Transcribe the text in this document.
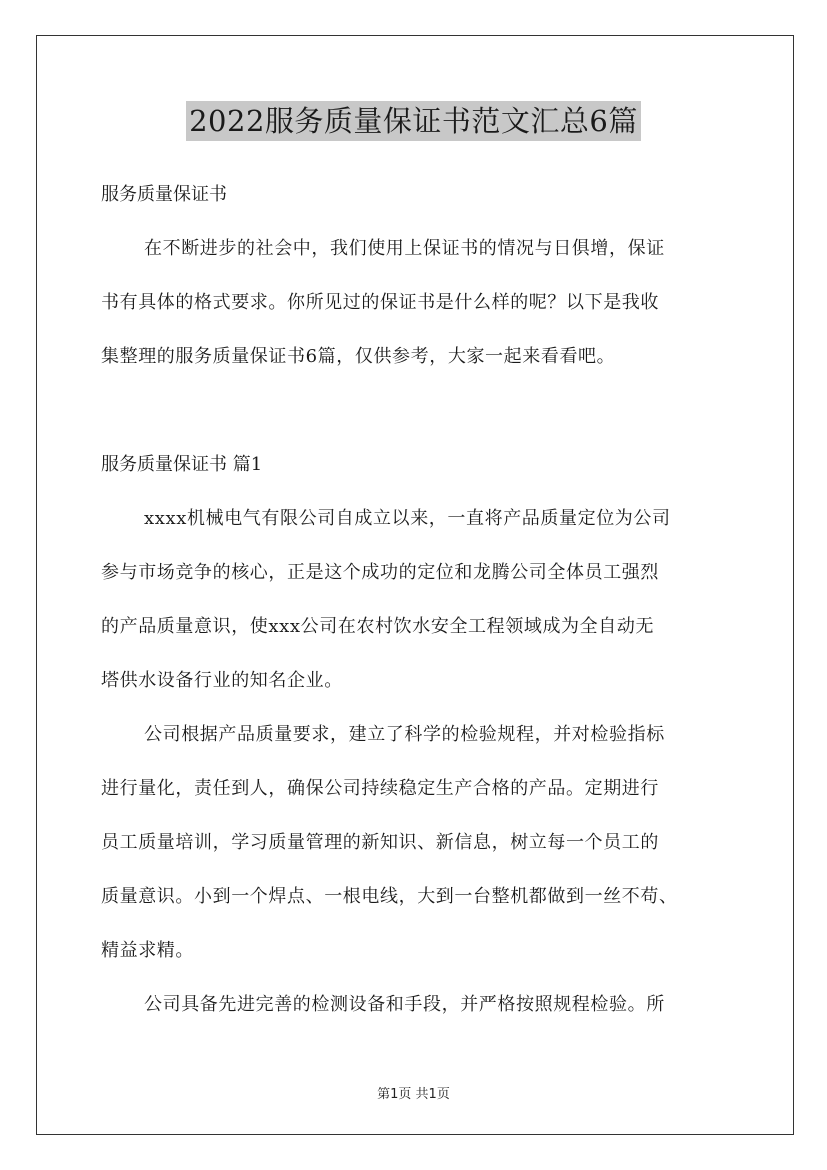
2022服务质量保证书范文汇总6篇
服务质量保证书

在不断进步的社会中，我们使用上保证书的情况与日俱增，保证

书有具体的格式要求。你所见过的保证书是什么样的呢？以下是我收

集整理的服务质量保证书6篇，仅供参考，大家一起来看看吧。

服务质量保证书 篇1

xxxx机械电气有限公司自成立以来，一直将产品质量定位为公司

参与市场竞争的核心，正是这个成功的定位和龙腾公司全体员工强烈

的产品质量意识，使xxx公司在农村饮水安全工程领域成为全自动无

塔供水设备行业的知名企业。

公司根据产品质量要求，建立了科学的检验规程，并对检验指标

进行量化，责任到人，确保公司持续稳定生产合格的产品。定期进行

员工质量培训，学习质量管理的新知识、新信息，树立每一个员工的

质量意识。小到一个焊点、一根电线，大到一台整机都做到一丝不苟、

精益求精。

公司具备先进完善的检测设备和手段，并严格按照规程检验。所

第1页 共1页
